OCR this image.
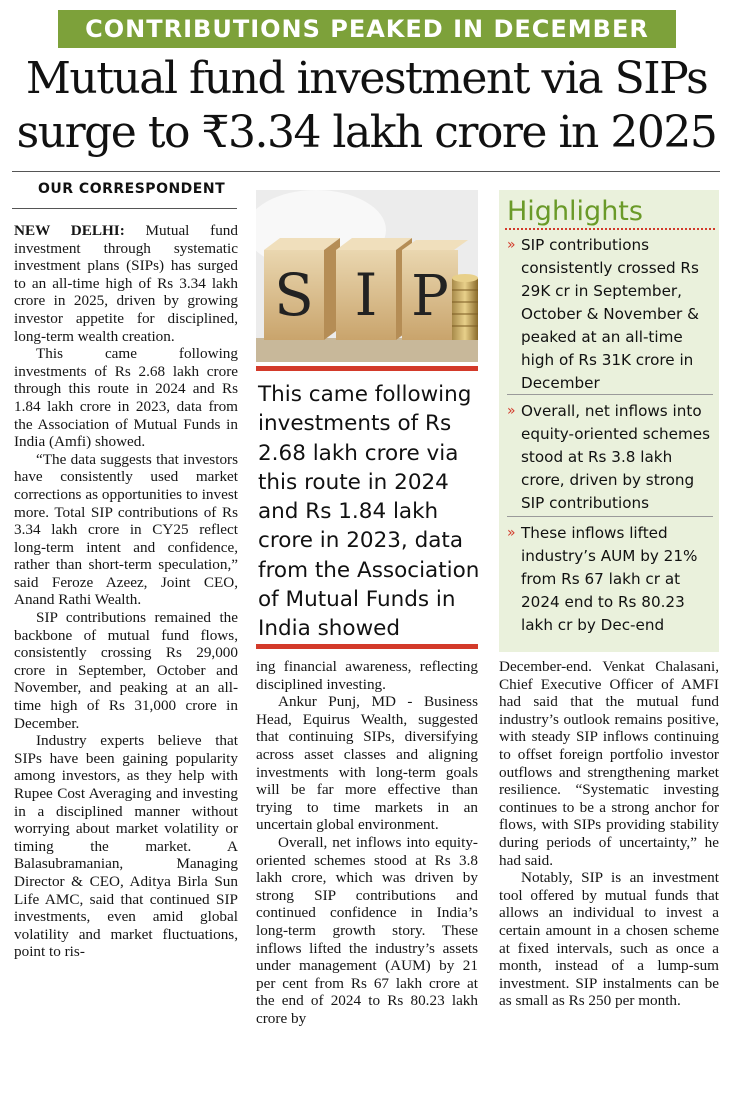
CONTRIBUTIONS PEAKED IN DECEMBER
Mutual fund investment via SIPs
surge to ₹3.34 lakh crore in 2025
OUR CORRESPONDENT

NEW DELHI: Mutual fund investment through systematic investment plans (SIPs) has surged to an all-time high of Rs 3.34 lakh crore in 2025, driven by growing investor appetite for disciplined, long-term wealth creation.

This came following investments of Rs 2.68 lakh crore through this route in 2024 and Rs 1.84 lakh crore in 2023, data from the Association of Mutual Funds in India (Amfi) showed.

“The data suggests that investors have consistently used market corrections as opportunities to invest more. Total SIP contributions of Rs 3.34 lakh crore in CY25 reflect long-term intent and confidence, rather than short-term speculation,” said Feroze Azeez, Joint CEO, Anand Rathi Wealth.

SIP contributions remained the backbone of mutual fund flows, consistently crossing Rs 29,000 crore in September, October and November, and peaking at an all-time high of Rs 31,000 crore in December.

Industry experts believe that SIPs have been gaining popularity among investors, as they help with Rupee Cost Averaging and investing in a disciplined manner without worrying about market volatility or timing the market. A Balasubramanian, Managing Director & CEO, Aditya Birla Sun Life AMC, said that continued SIP investments, even amid global volatility and market fluctuations, point to ris-

S I P
This came following investments of Rs 2.68 lakh crore via this route in 2024 and Rs 1.84 lakh crore in 2023, data from the Association of Mutual Funds in India showed
Highlights
» SIP contributions consistently crossed Rs 29K cr in September, October & November & peaked at an all-time high of Rs 31K crore in December
» Overall, net inflows into equity-oriented schemes stood at Rs 3.8 lakh crore, driven by strong SIP contributions
» These inflows lifted industry’s AUM by 21% from Rs 67 lakh cr at 2024 end to Rs 80.23 lakh cr by Dec-end

ing financial awareness, reflecting disciplined investing.

Ankur Punj, MD - Business Head, Equirus Wealth, suggested that continuing SIPs, diversifying across asset classes and aligning investments with long-term goals will be far more effective than trying to time markets in an uncertain global environment.

Overall, net inflows into equity-oriented schemes stood at Rs 3.8 lakh crore, which was driven by strong SIP contributions and continued confidence in India’s long-term growth story. These inflows lifted the industry’s assets under management (AUM) by 21 per cent from Rs 67 lakh crore at the end of 2024 to Rs 80.23 lakh crore by

December-end. Venkat Chalasani, Chief Executive Officer of AMFI had said that the mutual fund industry’s outlook remains positive, with steady SIP inflows continuing to offset foreign portfolio investor outflows and strengthening market resilience. “Systematic investing continues to be a strong anchor for flows, with SIPs providing stability during periods of uncertainty,” he had said.

Notably, SIP is an investment tool offered by mutual funds that allows an individual to invest a certain amount in a chosen scheme at fixed intervals, such as once a month, instead of a lump-sum investment. SIP instalments can be as small as Rs 250 per month.
